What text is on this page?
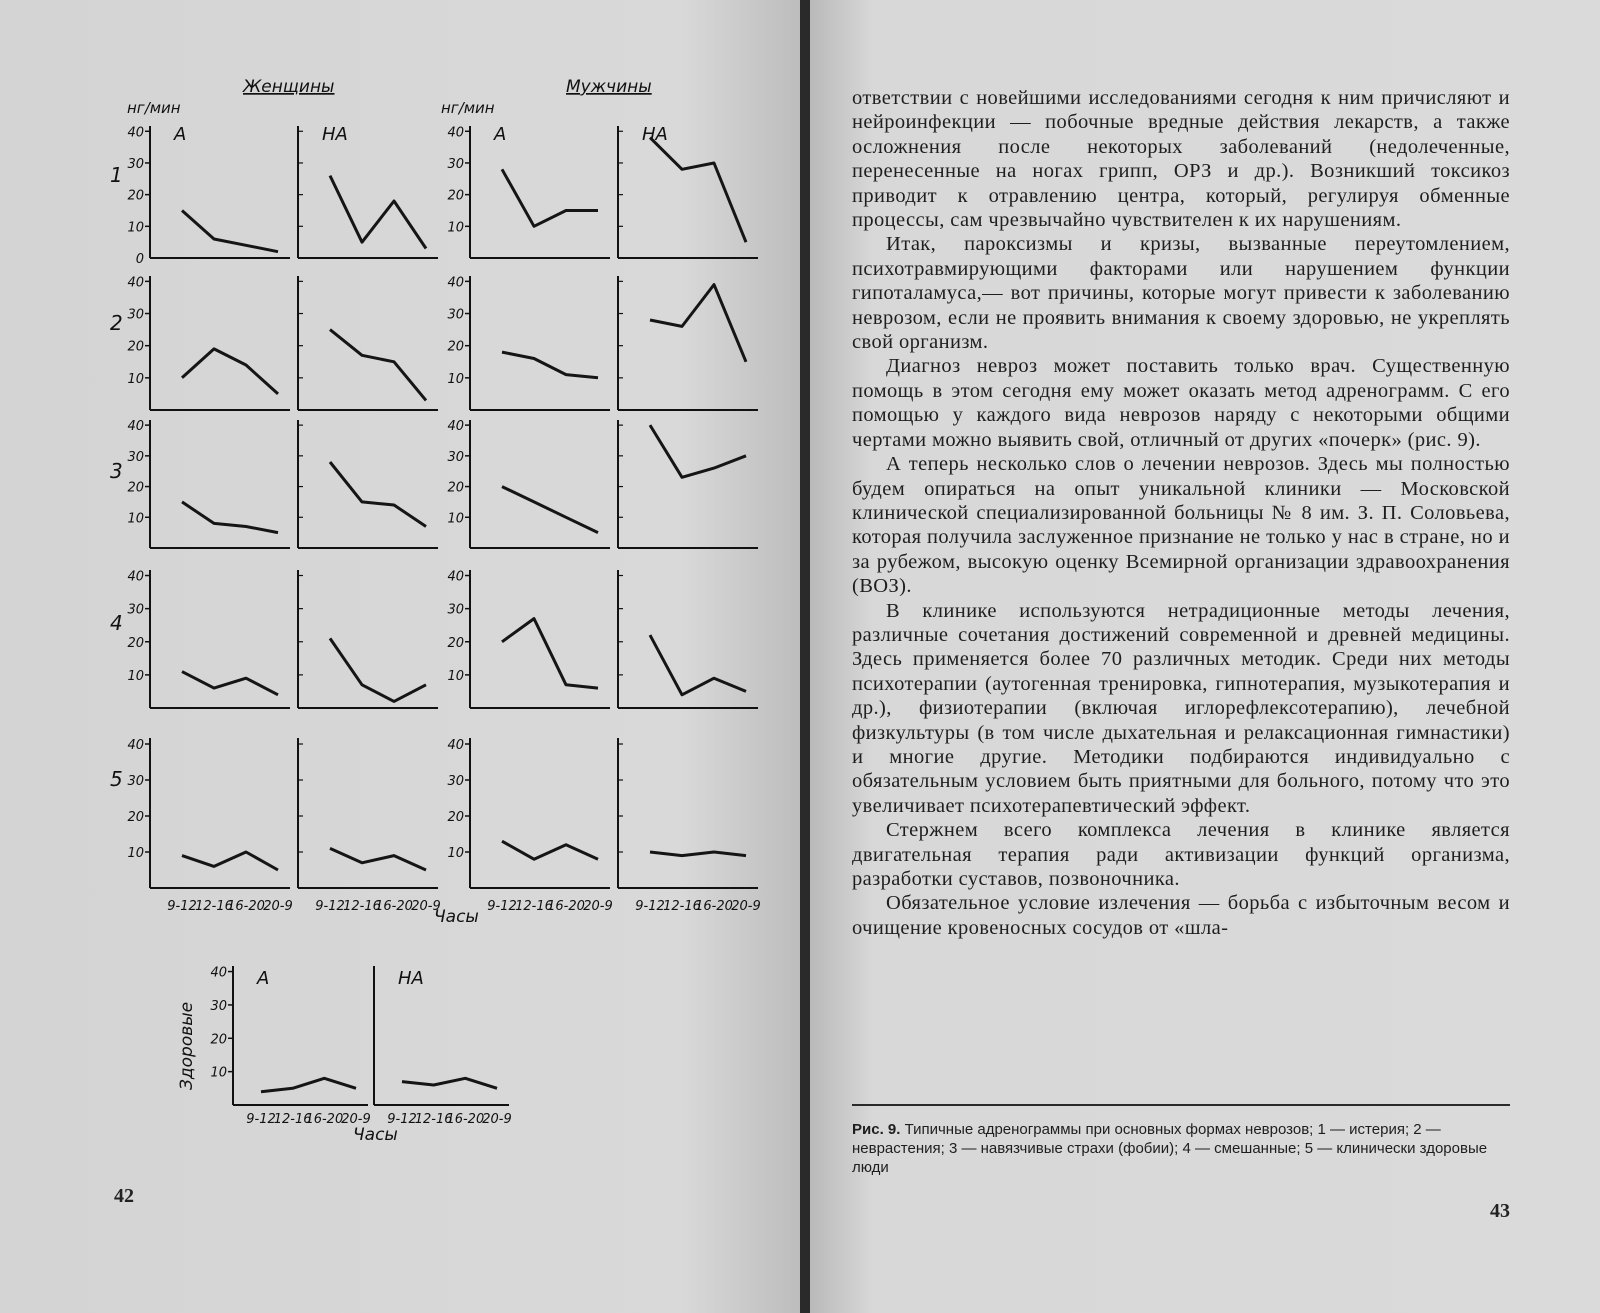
Женщины	Мужчины
нг/мин	нг/мин
1
2
3
4
5
Часы
Часы
Здоровые
10
20
30
40
0
А	НА
10
20
30
40 А	НА
10
20
30
40
10
20
30
40
10
20
30
40
10
20
30
40
10
20
30
40
10
20
30
40
10
20
30
40
9-12
12-16
16-20
20-9 9-12
12-16
16-20
20-9
10
20
30
40
9-12
12-16
16-20
20-9 9-12
12-16
16-20
20-9
10
20
30
40 А
9-12
12-16
16-20
20-9
НА
9-12
12-16
16-20
20-9
42
43

ответствии с новейшими исследованиями сегодня к ним причисляют и нейроинфекции — побочные вредные действия лекарств, а также осложнения после некоторых заболеваний (недолеченные, перенесенные на ногах грипп, ОРЗ и др.). Возникший токсикоз приводит к отравлению центра, который, регулируя обменные процессы, сам чрезвычайно чувствителен к их нарушениям.

Итак, пароксизмы и кризы, вызванные переутомлением, психотравмирующими факторами или нарушением функции гипоталамуса,— вот причины, которые могут привести к заболеванию неврозом, если не проявить внимания к своему здоровью, не укреплять свой организм.

Диагноз невроз может поставить только врач. Существенную помощь в этом сегодня ему может оказать метод адренограмм. С его помощью у каждого вида неврозов наряду с некоторыми общими чертами можно выявить свой, отличный от других «почерк» (рис. 9).

А теперь несколько слов о лечении неврозов. Здесь мы полностью будем опираться на опыт уникальной клиники — Московской клинической специализированной больницы № 8 им. З. П. Соловьева, которая получила заслуженное признание не только у нас в стране, но и за рубежом, высокую оценку Всемирной организации здравоохранения (ВОЗ).

В клинике используются нетрадиционные методы лечения, различные сочетания достижений современной и древней медицины. Здесь применяется более 70 различных методик. Среди них методы психотерапии (аутогенная тренировка, гипнотерапия, музыкотерапия и др.), физиотерапии (включая иглорефлексотерапию), лечебной физкультуры (в том числе дыхательная и релаксационная гимнастики) и многие другие. Методики подбираются индивидуально с обязательным условием быть приятными для больного, потому что это увеличивает психотерапевтический эффект.

Стержнем всего комплекса лечения в клинике является двигательная терапия ради активизации функций организма, разработки суставов, позвоночника.

Обязательное условие излечения — борьба с избыточным весом и очищение кровеносных сосудов от «шла-

Рис. 9. Типичные адренограммы при основных формах неврозов; 1 — истерия; 2 — неврастения; 3 — навязчивые страхи (фобии); 4 — смешанные; 5 — клинически здоровые люди
